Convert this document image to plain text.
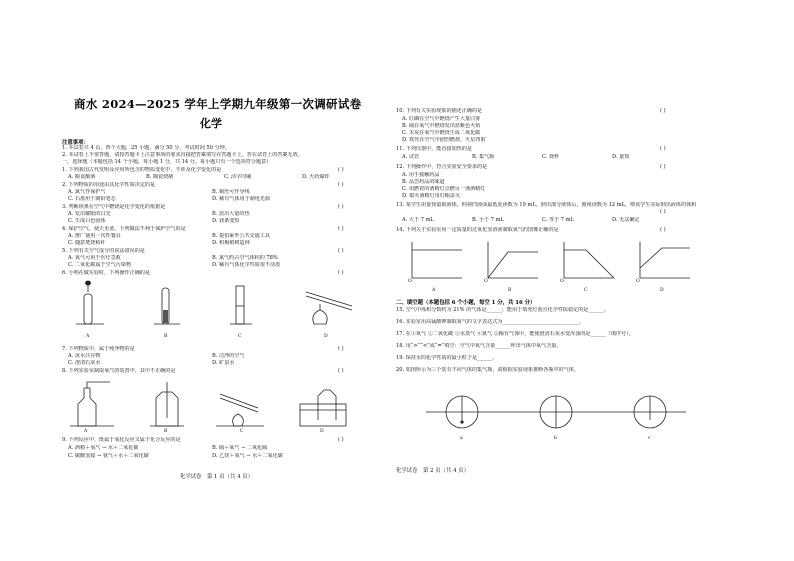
商水 2024—2025 学年上学期九年级第一次调研试卷
化学
注意事项：
1. 本试卷共 4 页，四个大题，25 小题，满分 50 分，考试时间 50 分钟。
2. 本试卷上不要答题，请按答题卡上注意事项的要求直接把答案填写在答题卡上。答在试卷上的答案无效。
一、选择题（本题包括 14 个小题，每小题 1 分，共 14 分。每小题只有一个选项符合题意）
1. 下列我国古代发明及应用所包含的物质变化中，不涉及化学变化的是	( )
A. 粮食酿酒	B. 陶瓷烧制	C. 活字印刷	D. 火药爆炸
2. 下列物质的用途由其化学性质决定的是	( )
A. 氮气作保护气	B. 铜丝可作导线
C. 石墨用于制铅笔芯	D. 稀有气体用于制电光源
3. 判断镁条在空气中燃烧是化学变化的依据是	( )
A. 发出耀眼的白光	B. 放出大量的热
C. 生成白色固体	D. 镁条变短
4. 保护空气，使天更蓝，下列做法不利于保护空气的是	( )
A. 推广使用一次性餐具	B. 提倡乘坐公共交通工具
C. 随意焚烧秸秆	D. 积极植树造林
5. 下列有关空气成分的说法错误的是	( )
A. 氧气可用于医疗急救	B. 氮气约占空气体积的 78%
C. 二氧化碳属于空气污染物	D. 稀有气体化学性质很不活泼
6. 小明在做实验时，下列操作正确的是	( )
A	B	C	D
7. 下列物质中，属于纯净物的是	( )
A. 冰水共存物	B. 洁净的空气
C. 澄清石灰水	D. 矿泉水
8. 下列实验室制取氧气的装置中，其中不正确的是	( )
A	B	C	D
9. 下列反应中，既属于氧化反应又属于化合反应的是	( )
A. 酒精＋氧气 → 水＋二氧化碳	B. 硫＋氧气 → 二氧化硫
C. 碳酸氢铵 → 氨气＋水＋二氧化碳	D. 乙炔＋氧气 → 水＋二氧化碳
化学试卷　第 1 页（共 4 页）
10. 下列有关实验现象的描述正确的是	( )
A. 红磷在空气中燃烧产生大量白雾
B. 硫在氧气中燃烧发出蓝紫色火焰
C. 木炭在氧气中燃烧生成二氧化碳
D. 铁丝在空气中剧烈燃烧，火星四射
11. 下列仪器中，能直接加热的是	( )
A. 试管	B. 集气瓶	C. 烧杯	D. 量筒
12. 下列操作中，符合实验安全要求的是	( )
A. 用手接触药品
B. 品尝药品的味道
C. 用燃着的酒精灯点燃另一盏酒精灯
D. 熄灭酒精灯用灯帽盖灭
13. 某学生用量筒量取液体，仰视凹液面最低处读数为 19 mL，倒出部分液体后，俯视读数为 12 mL，则该学生实际倒出液体的体积
( )
A. 大于 7 mL	B. 小于 7 mL	C. 等于 7 mL	D. 无法确定
14. 下列关于实验室用一定质量的过氧化氢溶液制取氧气的图像正确的是	( )
O	O	O	O
A	B	C	D
二、填空题（本题包括 6 个小题，每空 1 分，共 16 分）
15. 空气中体积分数约为 21% 的气体是______；能用于填充灯泡且化学性质稳定的是______。
16. 实验室用高锰酸钾制取氧气的文字表达式为______________________________。
17. 在①氧气 ②二氧化碳 ③水蒸气 ④氮气 ⑤稀有气体中，能使澄清石灰水变浑浊的是______（填序号）。
18. 用“>”“<”或“=”填空：空气中氧气含量______呼出气体中氧气含量。
19. 保持水的化学性质的最小粒子是______。
20. 如图所示为三个装有不同气体的集气瓶，请根据实验现象推断各瓶中的气体。
a	b	c
化学试卷　第 2 页（共 4 页）
